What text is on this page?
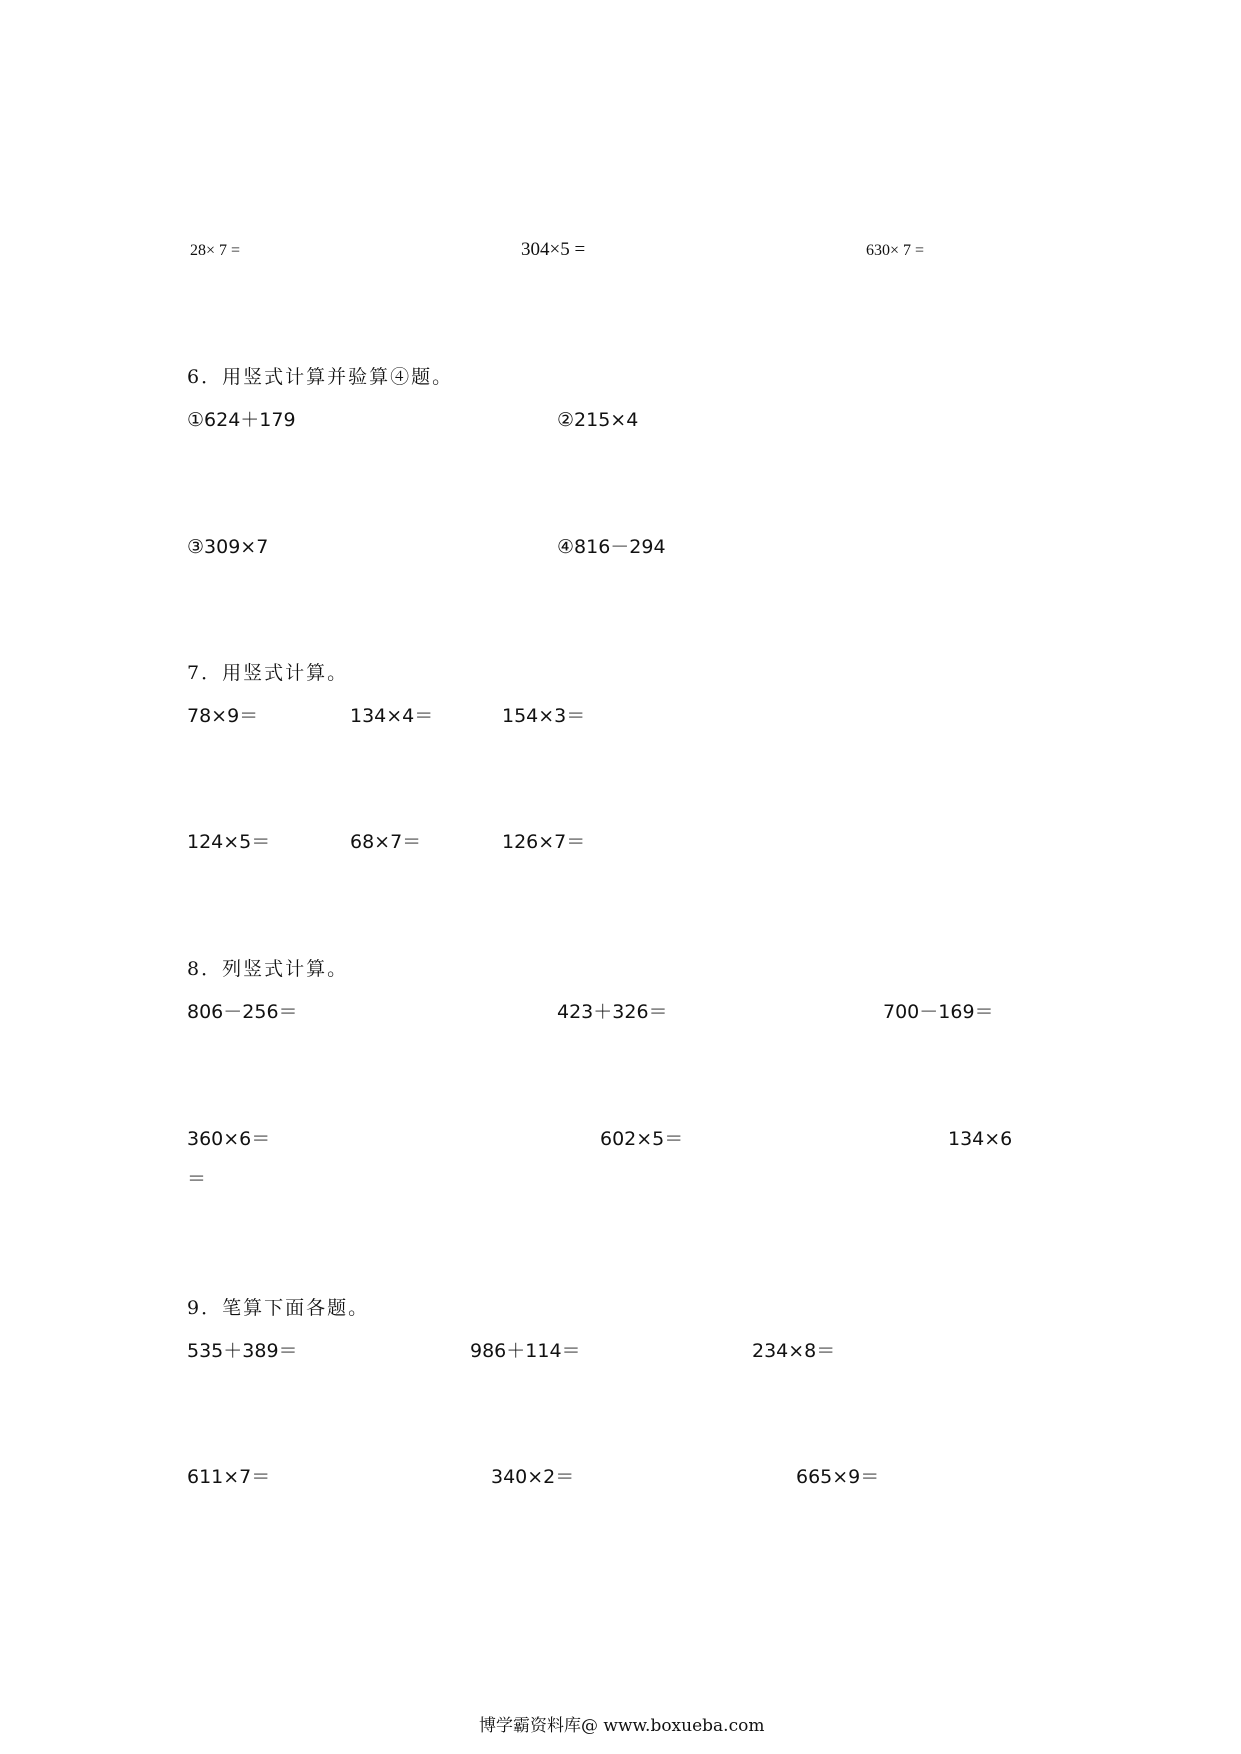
28× 7 =	304×5 =	630× 7 =
6．用竖式计算并验算④题。
①624＋179	②215×4
③309×7	④816－294
7．用竖式计算。
78×9＝	134×4＝	154×3＝
124×5＝	68×7＝	126×7＝
8．列竖式计算。
806－256＝	423＋326＝	700－169＝
360×6＝	602×5＝	134×6
＝
9．笔算下面各题。
535＋389＝	986＋114＝	234×8＝
611×7＝	340×2＝	665×9＝
博学霸资料库@ www.boxueba.com
